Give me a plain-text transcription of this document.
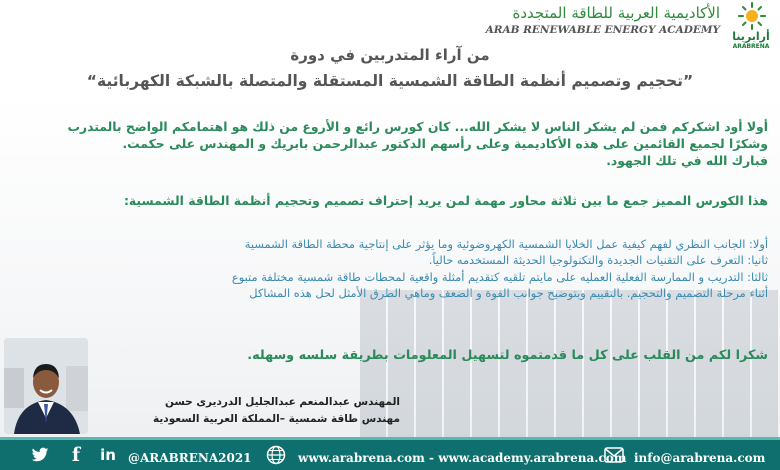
أرابرينا
ARABRENA
الأكاديمية العربية للطاقة المتجددة
ARAB RENEWABLE ENERGY ACADEMY
من آراء المتدربين في دورة
”تحجيم وتصميم أنظمة الطاقة الشمسية المستقلة والمتصلة بالشبكة الكهربائية“
أولا أود اشكركم فمن لم يشكر الناس لا يشكر الله... كان كورس رائع و الأروع من ذلك هو اهتمامكم الواضح بالمتدرب
وشكرًا لجميع القائمين على هذه الأكاديمية وعلى رأسهم الدكتور عبدالرحمن بابريك و المهندس على حكمت.
فبارك الله في تلك الجهود.
هذا الكورس المميز جمع ما بين ثلاثة محاور مهمة لمن يريد إحتراف تصميم وتحجيم أنظمة الطاقة الشمسية:
أولا: الجانب النظري لفهم كيفية عمل الخلايا الشمسية الكهروضوئية وما يؤثر على إنتاجية محطة الطاقة الشمسية
ثانيا: التعرف على التقنيات الجديدة والتكنولوجيا الحديثة المستخدمه حالياً.
ثالثا: التدريب و الممارسة الفعلية العمليه على مايتم تلقيه كتقديم أمثلة واقعية لمحطات طاقة شمسية مختلفة متبوع
أثناء مرحلة التصميم والتحجيم. بالتقييم وبتوضيح جوانب القوة و الضعف وماهي الطرق الأمثل لحل هذه المشاكل
شكرا لكم من القلب على كل ما قدمتموه لتسهيل المعلومات بطريقة سلسه وسهله.
المهندس عبدالمنعم عبدالجليل الدرديرى حسن
مهندس طاقة شمسية –المملكة العربية السعودية
f	in @ARABRENA2021	www.arabrena.com - www.academy.arabrena.com info@arabrena.com
